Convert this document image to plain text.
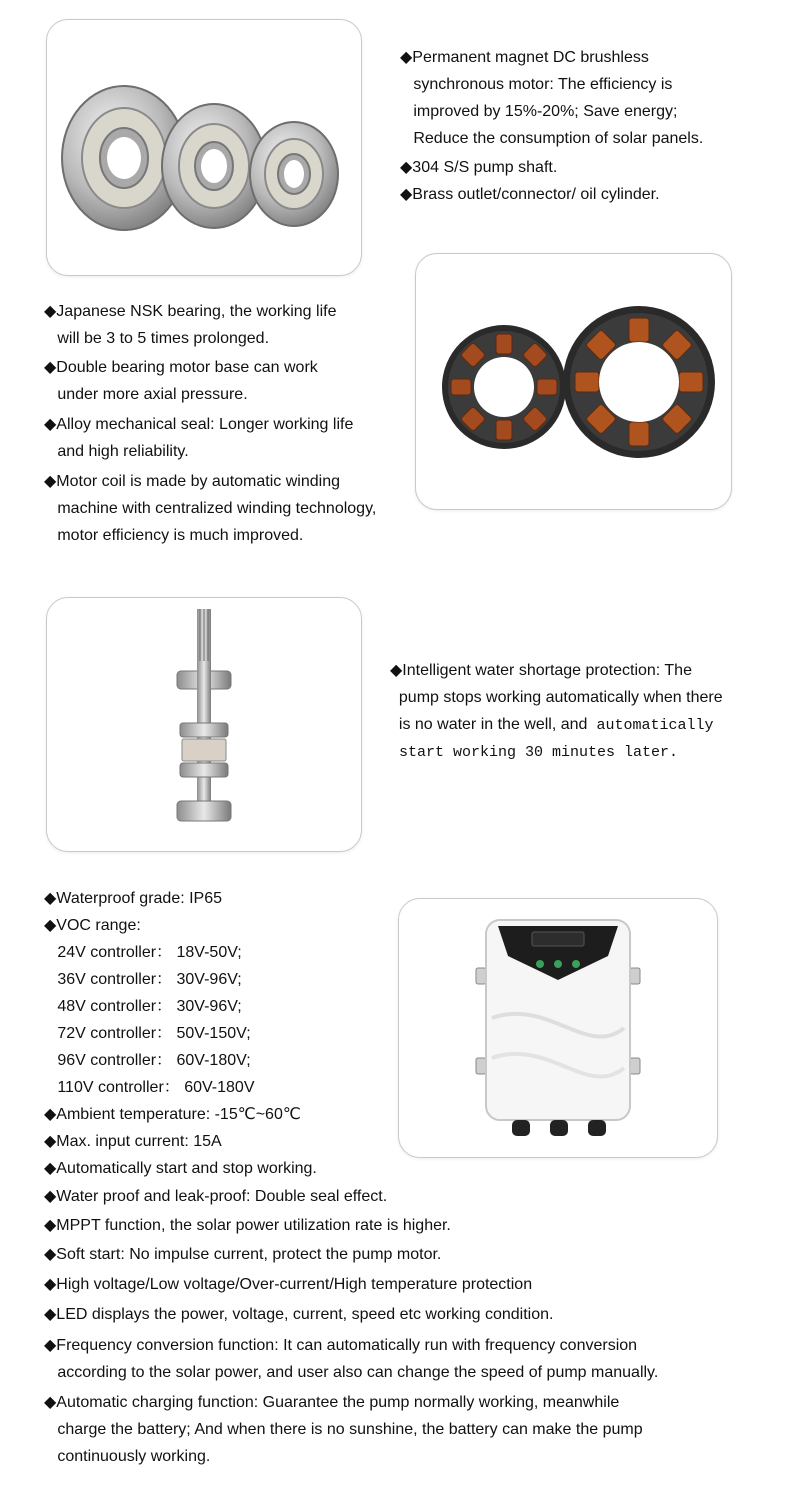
◆Permanent magnet DC brushless
synchronous motor: The efficiency is
improved by 15%-20%; Save energy;
Reduce the consumption of solar panels.
◆304 S/S pump shaft.
◆Brass outlet/connector/ oil cylinder.
◆Japanese NSK bearing, the working life
will be 3 to 5 times prolonged.
◆Double bearing motor base can work
under more axial pressure.
◆Alloy mechanical seal: Longer working life
and high reliability.
◆Motor coil is made by automatic winding
machine with centralized winding technology,
motor efficiency is much improved.
◆Intelligent water shortage protection: The
pump stops working automatically when there
is no water in the well, and automatically
start working 30 minutes later.
◆Waterproof grade: IP65
◆VOC range:
24V controller： 18V-50V;
36V controller： 30V-96V;
48V controller： 30V-96V;
72V controller： 50V-150V;
96V controller： 60V-180V;
110V controller： 60V-180V
◆Ambient temperature: -15℃~60℃
◆Max. input current: 15A
◆Automatically start and stop working.
◆Water proof and leak-proof: Double seal effect.
◆MPPT function, the solar power utilization rate is higher.
◆Soft start: No impulse current, protect the pump motor.
◆High voltage/Low voltage/Over-current/High temperature protection
◆LED displays the power, voltage, current, speed etc working condition.
◆Frequency conversion function: It can automatically run with frequency conversion
according to the solar power, and user also can change the speed of pump manually.
◆Automatic charging function: Guarantee the pump normally working, meanwhile
charge the battery; And when there is no sunshine, the battery can make the pump
continuously working.
